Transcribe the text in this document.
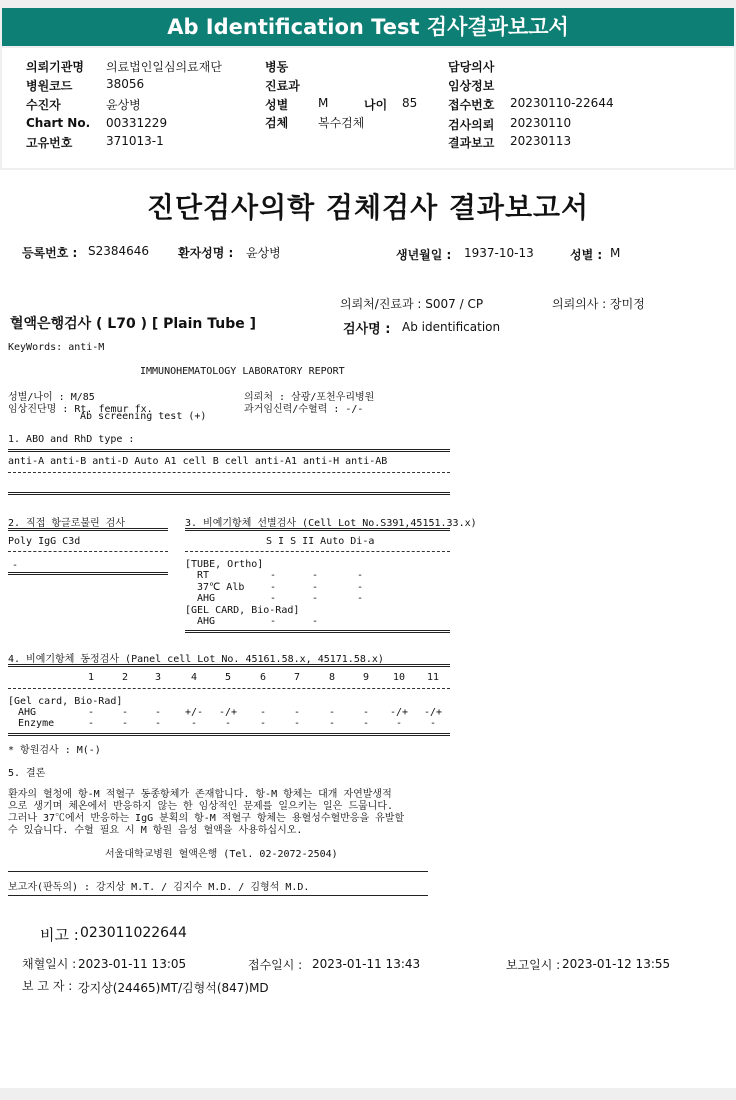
Ab Identification Test 검사결과보고서
의뢰기관명 의료법인일심의료재단
병원코드	38056
수진자	윤상병
Chart No. 00331229
고유번호	371013-1
병동
진료과
성별 M	나이 85
검체 복수검체
담당의사
임상정보
접수번호 20230110-22644
검사의뢰 20230110
결과보고 20230113
진단검사의학 검체검사 결과보고서
등록번호 : S2384646 환자성명 : 윤상병	생년월일 : 1937-10-13	성별 : M
의뢰처/진료과 : S007 / CP	의뢰의사 : 장미정
혈액은행검사 ( L70 ) [ Plain Tube ]	검사명 : Ab identification
KeyWords: anti-M
IMMUNOHEMATOLOGY LABORATORY REPORT
성별/나이 : M/85
임상진단명 : Rt. femur fx.
Ab screening test (+)
의뢰처 : 삼광/포천우리병원
과거임신력/수혈력 : -/-
1. ABO and RhD type :
anti-A anti-B anti-D Auto A1 cell B cell anti-A1 anti-H anti-AB
2. 직접 항글로불린 검사
Poly IgG C3d
-
3. 비예기항체 선별검사 (Cell Lot No.S391,45151.33.x)
S I S II Auto Di-a
[TUBE, Ortho]
RT	-	-	-
37℃ Alb	-	-	-
AHG	-	-	-
[GEL CARD, Bio-Rad]
AHG	-	-
4. 비예기항체 동정검사 (Panel cell Lot No. 45161.58.x, 45171.58.x)
1	2	3	4	5	6	7	8	9	10	11
[Gel card, Bio-Rad]
AHG	-	-	-	+/-	-/+	-	-	-	-	-/+	-/+
Enzyme	-	-	-	-	-	-	-	-	-	-	-
* 항원검사 : M(-)
5. 결론
환자의 혈청에 항-M 적혈구 동종항체가 존재합니다. 항-M 항체는 대개 자연발생적
으로 생기며 체온에서 반응하지 않는 한 임상적인 문제를 일으키는 일은 드뭅니다.
그러나 37℃에서 반응하는 IgG 분획의 항-M 적혈구 항체는 용혈성수혈반응을 유발할
수 있습니다. 수혈 필요 시 M 항원 음성 혈액을 사용하십시오.
서울대학교병원 혈액은행 (Tel. 02-2072-2504)
보고자(판독의) : 강지상 M.T. / 김지수 M.D. / 김형석 M.D.
비고 : 023011022644
채혈일시 : 2023-01-11 13:05	접수일시 : 2023-01-11 13:43	보고일시 : 2023-01-12 13:55
보 고 자 : 강지상(24465)MT/김형석(847)MD
